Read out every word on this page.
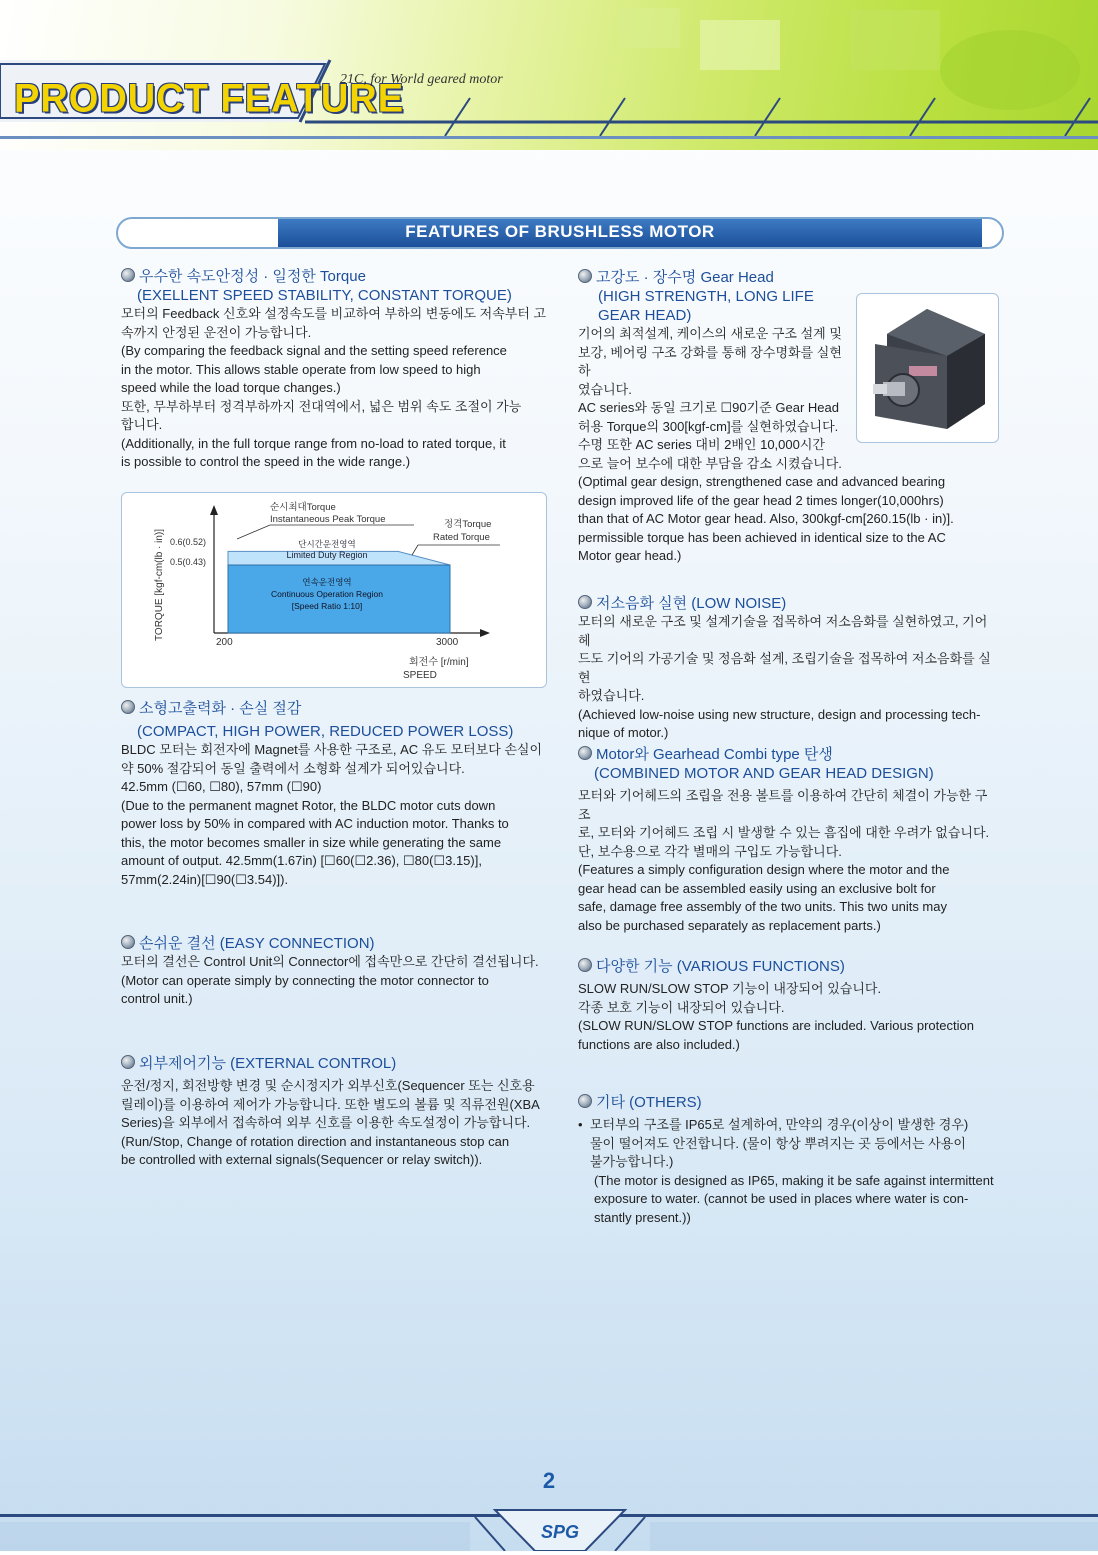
PRODUCT FEATURE
21C, for World geared motor
FEATURES OF BRUSHLESS MOTOR
우수한 속도안정성 · 일정한 Torque
(EXELLENT SPEED STABILITY, CONSTANT TORQUE)

모터의 Feedback 신호와 설정속도를 비교하여 부하의 변동에도 저속부터 고

속까지 안정된 운전이 가능합니다.

(By comparing the feedback signal and the setting speed reference

in the motor. This allows stable operate from low speed to high

speed while the load torque changes.)

또한, 무부하부터 정격부하까지 전대역에서, 넓은 범위 속도 조절이 가능

합니다.

(Additionally, in the full torque range from no-load to rated torque, it

is possible to control the speed in the wide range.)

0.6(0.52)
0.5(0.43)
TORQUE [kgf-cm(lb · in)]
200	3000
회전수 [r/min]
SPEED
순시최대Torque
Instantaneous Peak Torque	정격Torque
Rated Torque
단시간운전영역
Limited Duty Region
연속운전영역
Continuous Operation Region
[Speed Ratio 1:10]
소형고출력화 · 손실 절감
(COMPACT, HIGH POWER, REDUCED POWER LOSS)

BLDC 모터는 회전자에 Magnet를 사용한 구조로, AC 유도 모터보다 손실이

약 50% 절감되어 동일 출력에서 소형화 설계가 되어있습니다.

42.5mm (☐60, ☐80), 57mm (☐90)

(Due to the permanent magnet Rotor, the BLDC motor cuts down

power loss by 50% in compared with AC induction motor. Thanks to

this, the motor becomes smaller in size while generating the same

amount of output. 42.5mm(1.67in) [☐60(☐2.36), ☐80(☐3.15)],

57mm(2.24in)[☐90(☐3.54)]).

손쉬운 결선 (EASY CONNECTION)

모터의 결선은 Control Unit의 Connector에 접속만으로 간단히 결선됩니다.

(Motor can operate simply by connecting the motor connector to

control unit.)

외부제어기능 (EXTERNAL CONTROL)

운전/정지, 회전방향 변경 및 순시정지가 외부신호(Sequencer 또는 신호용

릴레이)를 이용하여 제어가 가능합니다. 또한 별도의 볼륨 및 직류전원(XBA

Series)을 외부에서 접속하여 외부 신호를 이용한 속도설정이 가능합니다.

(Run/Stop, Change of rotation direction and instantaneous stop can

be controlled with external signals(Sequencer or relay switch)).

고강도 · 장수명 Gear Head
(HIGH STRENGTH, LONG LIFE
GEAR HEAD)

기어의 최적설계, 케이스의 새로운 구조 설계 및

보강, 베어링 구조 강화를 통해 장수명화를 실현하

였습니다.

AC series와 동일 크기로 ☐90기준 Gear Head

허용 Torque의 300[kgf-cm]를 실현하였습니다.

수명 또한 AC series 대비 2배인 10,000시간

으로 늘어 보수에 대한 부담을 감소 시켰습니다.

(Optimal gear design, strengthened case and advanced bearing

design improved life of the gear head 2 times longer(10,000hrs)

than that of AC Motor gear head. Also, 300kgf-cm[260.15(lb · in)].

permissible torque has been achieved in identical size to the AC

Motor gear head.)

저소음화 실현 (LOW NOISE)

모터의 새로운 구조 및 설계기술을 접목하여 저소음화를 실현하였고, 기어헤

드도 기어의 가공기술 및 정음화 설계, 조립기술을 접목하여 저소음화를 실현

하였습니다.

(Achieved low-noise using new structure, design and processing tech-

nique of motor.)

Motor와 Gearhead Combi type 탄생
(COMBINED MOTOR AND GEAR HEAD DESIGN)

모터와 기어헤드의 조립을 전용 볼트를 이용하여 간단히 체결이 가능한 구조

로, 모터와 기어헤드 조립 시 발생할 수 있는 흠집에 대한 우려가 없습니다.

단, 보수용으로 각각 별매의 구입도 가능합니다.

(Features a simply configuration design where the motor and the

gear head can be assembled easily using an exclusive bolt for

safe, damage free assembly of the two units. This two units may

also be purchased separately as replacement parts.)

다양한 기능 (VARIOUS FUNCTIONS)

SLOW RUN/SLOW STOP 기능이 내장되어 있습니다.

각종 보호 기능이 내장되어 있습니다.

(SLOW RUN/SLOW STOP functions are included. Various protection

functions are also included.)

기타 (OTHERS)
• 모터부의 구조를 IP65로 설계하여, 만약의 경우(이상이 발생한 경우)

물이 떨어져도 안전합니다. (물이 항상 뿌려지는 곳 등에서는 사용이

불가능합니다.)

(The motor is designed as IP65, making it be safe against intermittent

exposure to water. (cannot be used in places where water is con-

stantly present.))

2
SPG
